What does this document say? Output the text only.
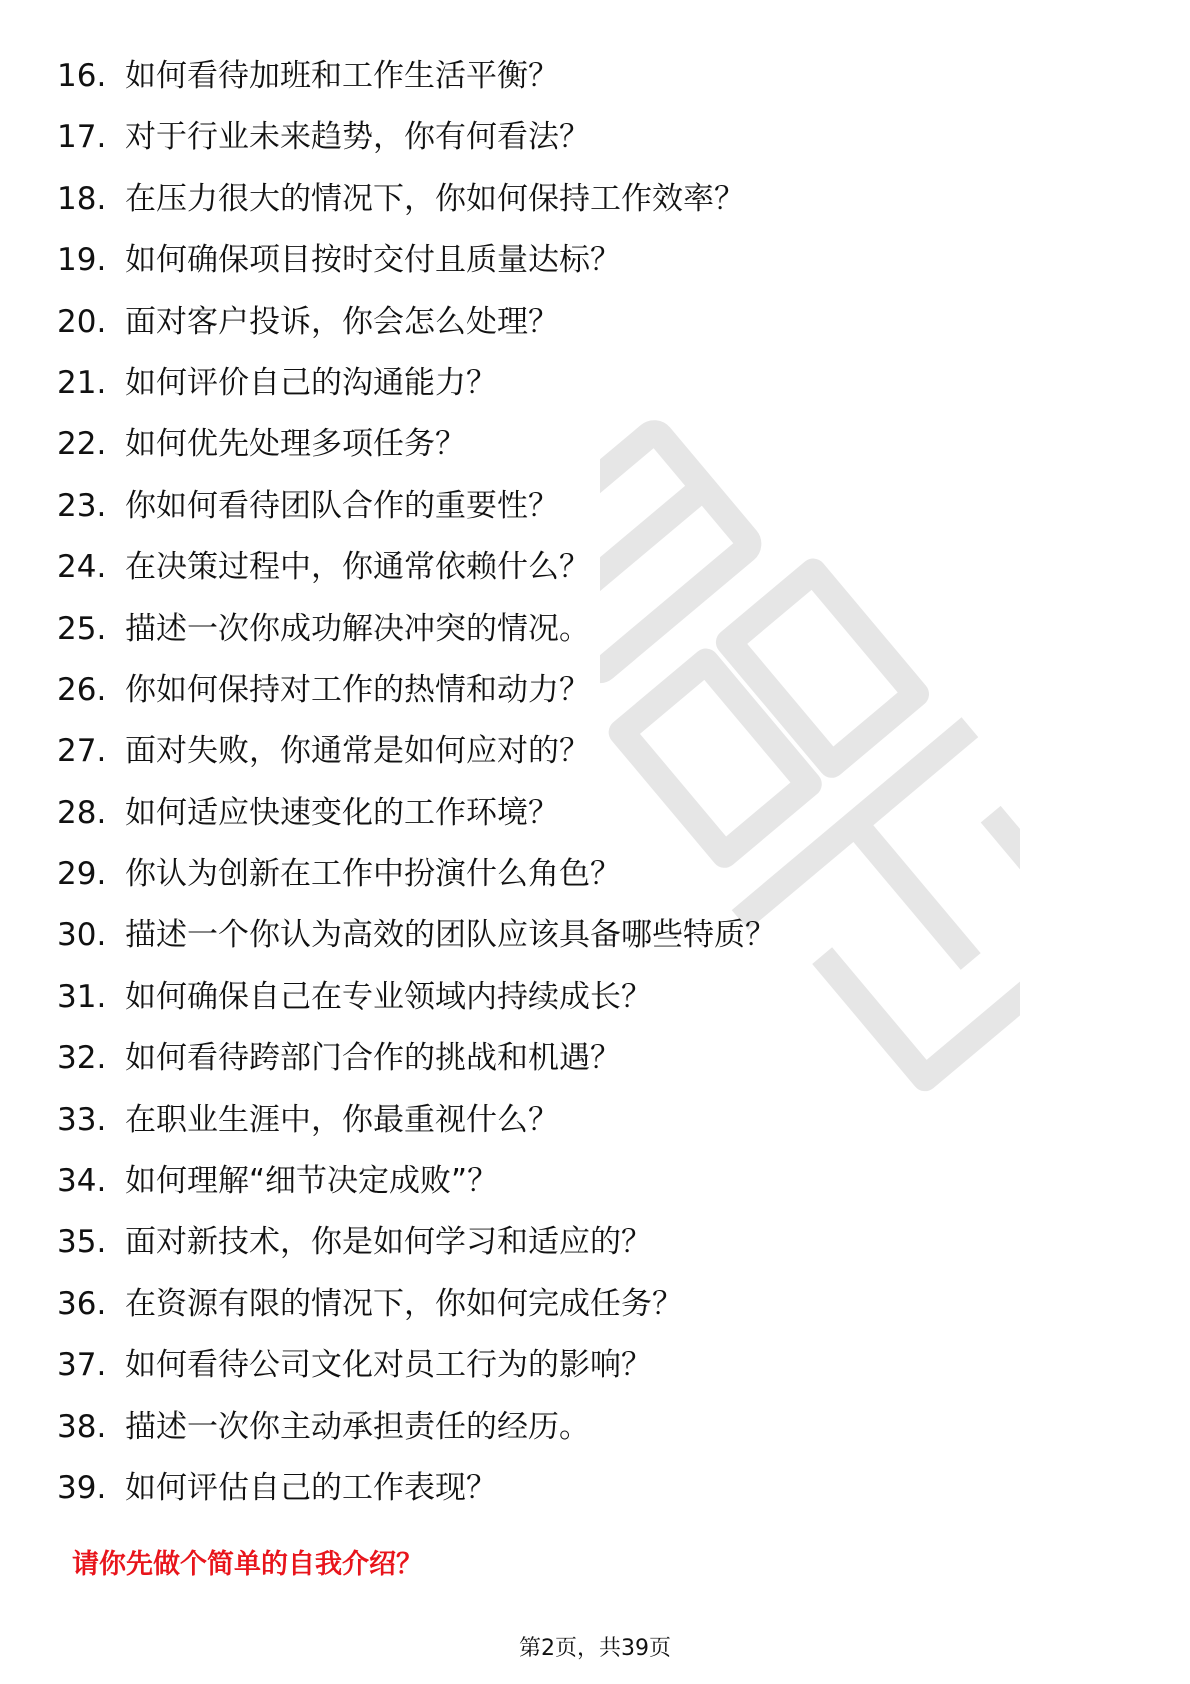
16. 如何看待加班和工作生活平衡？
17. 对于行业未来趋势，你有何看法？
18. 在压力很大的情况下，你如何保持工作效率？
19. 如何确保项目按时交付且质量达标？
20. 面对客户投诉，你会怎么处理？
21. 如何评价自己的沟通能力？
22. 如何优先处理多项任务？
23. 你如何看待团队合作的重要性？
24. 在决策过程中，你通常依赖什么？
25. 描述一次你成功解决冲突的情况。
26. 你如何保持对工作的热情和动力？
27. 面对失败，你通常是如何应对的？
28. 如何适应快速变化的工作环境？
29. 你认为创新在工作中扮演什么角色？
30. 描述一个你认为高效的团队应该具备哪些特质？
31. 如何确保自己在专业领域内持续成长？
32. 如何看待跨部门合作的挑战和机遇？
33. 在职业生涯中，你最重视什么？
34. 如何理解“细节决定成败”？
35. 面对新技术，你是如何学习和适应的？
36. 在资源有限的情况下，你如何完成任务？
37. 如何看待公司文化对员工行为的影响？
38. 描述一次你主动承担责任的经历。
39. 如何评估自己的工作表现？
请你先做个简单的自我介绍？
第2页，共39页
